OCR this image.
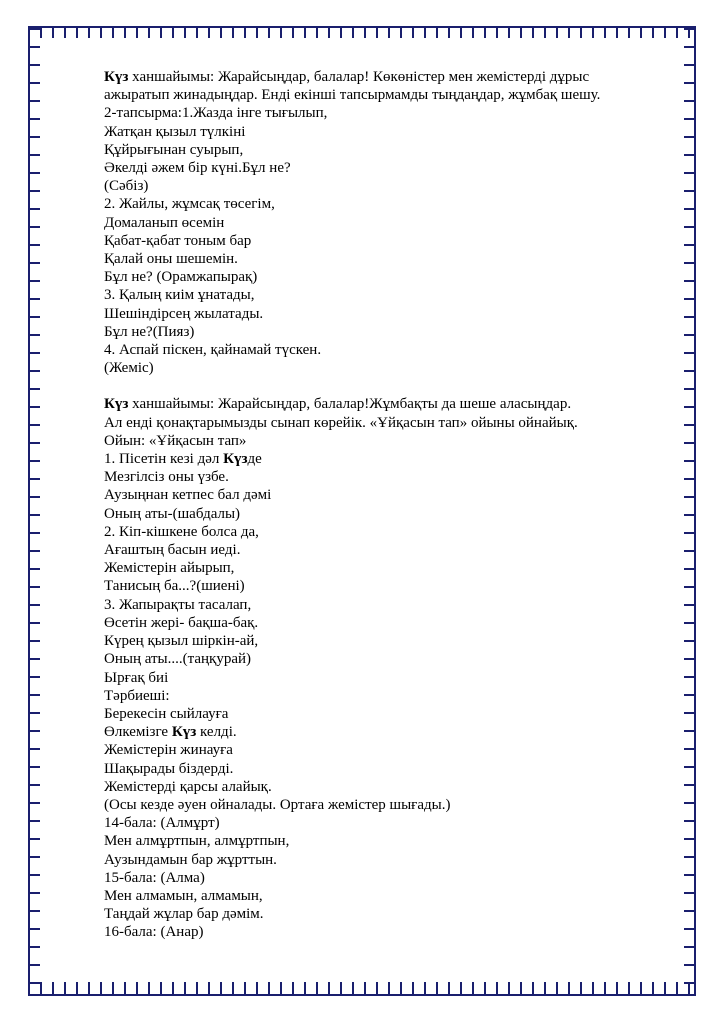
Күз ханшайымы: Жарайсыңдар, балалар! Көкөністер мен жемістерді дұрыс
ажыратып жинадыңдар. Енді екінші тапсырмамды тыңдаңдар, жұмбақ шешу.
2-тапсырма:1.Жазда інге тығылып,
Жатқан қызыл түлкіні
Құйрығынан суырып,
Әкелді әжем бір күні.Бұл не?
(Сәбіз)
2. Жайлы, жұмсақ төсегім,
Домаланып өсемін
Қабат-қабат тоным бар
Қалай оны шешемін.
Бұл не? (Орамжапырақ)
3. Қалың киім ұнатады,
Шешіндірсең жылатады.
Бұл не?(Пияз)
4. Аспай піскен, қайнамай түскен.
(Жеміс)
Күз ханшайымы: Жарайсыңдар, балалар!Жұмбақты да шеше аласыңдар.
Ал енді қонақтарымызды сынап көрейік. «Ұйқасын тап» ойыны ойнайық.
Ойын: «Ұйқасын тап»
1. Пісетін кезі дәл Күзде
Мезгілсіз оны үзбе.
Аузыңнан кетпес бал дәмі
Оның аты-(шабдалы)
2. Кіп-кішкене болса да,
Ағаштың басын иеді.
Жемістерін айырып,
Танисың ба...?(шиені)
3. Жапырақты тасалап,
Өсетін жері- бақша-бақ.
Күрең қызыл шіркін-ай,
Оның аты....(таңқурай)
Ырғақ биі
Тәрбиеші:
Берекесін сыйлауға
Өлкемізге Күз келді.
Жемістерін жинауға
Шақырады біздерді.
Жемістерді қарсы алайық.
(Осы кезде әуен ойналады. Ортаға жемістер шығады.)
14-бала: (Алмұрт)
Мен алмұртпын, алмұртпын,
Аузындамын бар жұрттын.
15-бала: (Алма)
Мен алмамын, алмамын,
Таңдай жұлар бар дәмім.
16-бала: (Анар)
